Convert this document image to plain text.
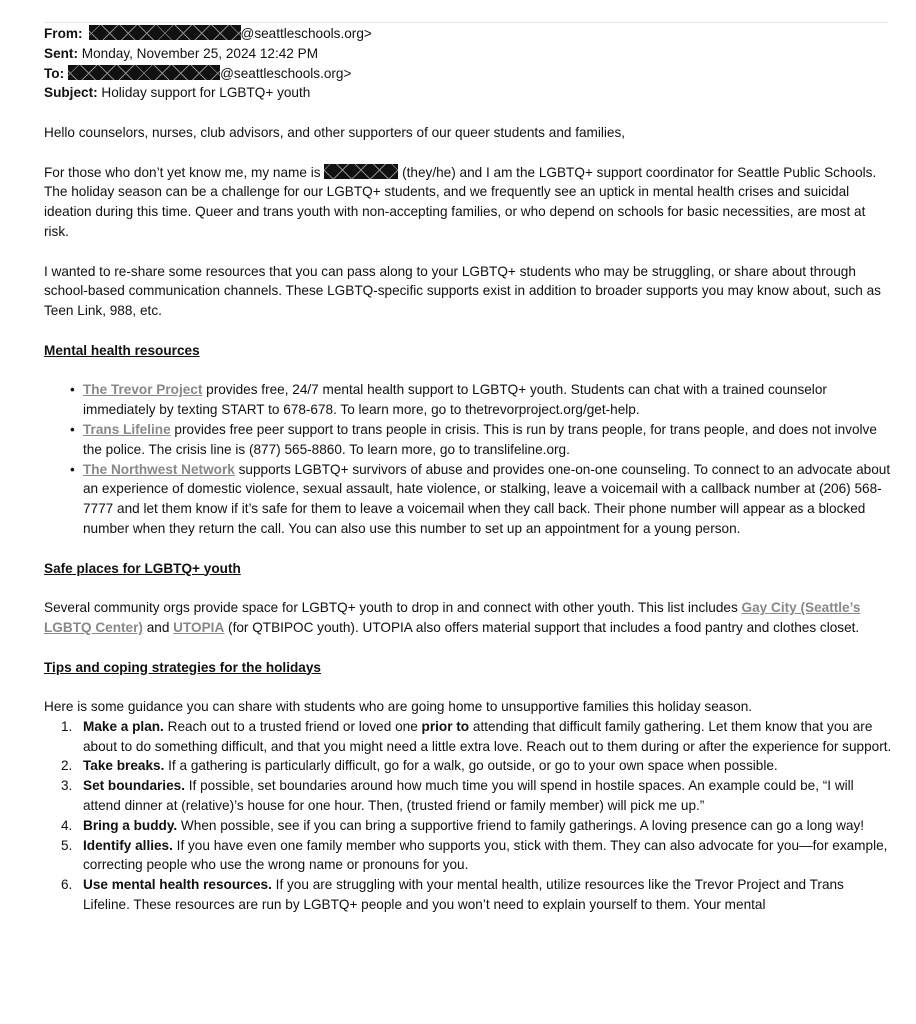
From:	@seattleschools.org>
Sent: Monday, November 25, 2024 12:42 PM
To:	@seattleschools.org>
Subject: Holiday support for LGBTQ+ youth

Hello counselors, nurses, club advisors, and other supporters of our queer students and families,

For those who don’t yet know me, my name is	(they/he) and I am the LGBTQ+ support coordinator for Seattle Public Schools. The holiday season can be a challenge for our LGBTQ+ students, and we frequently see an uptick in mental health crises and suicidal ideation during this time. Queer and trans youth with non-accepting families, or who depend on schools for basic necessities, are most at risk.

I wanted to re-share some resources that you can pass along to your LGBTQ+ students who may be struggling, or share about through school-based communication channels. These LGBTQ-specific supports exist in addition to broader supports you may know about, such as Teen Link, 988, etc.

Mental health resources

• The Trevor Project provides free, 24/7 mental health support to LGBTQ+ youth. Students can chat with a trained counselor immediately by texting START to 678-678. To learn more, go to thetrevorproject.org/get-help.
• Trans Lifeline provides free peer support to trans people in crisis. This is run by trans people, for trans people, and does not involve the police. The crisis line is (877) 565-8860. To learn more, go to translifeline.org.
• The Northwest Network supports LGBTQ+ survivors of abuse and provides one-on-one counseling. To connect to an advocate about an experience of domestic violence, sexual assault, hate violence, or stalking, leave a voicemail with a callback number at (206) 568-7777 and let them know if it’s safe for them to leave a voicemail when they call back. Their phone number will appear as a blocked number when they return the call. You can also use this number to set up an appointment for a young person.

Safe places for LGBTQ+ youth

Several community orgs provide space for LGBTQ+ youth to drop in and connect with other youth. This list includes Gay City (Seattle’s LGBTQ Center) and UTOPIA (for QTBIPOC youth). UTOPIA also offers material support that includes a food pantry and clothes closet.

Tips and coping strategies for the holidays

Here is some guidance you can share with students who are going home to unsupportive families this holiday season.

1. Make a plan. Reach out to a trusted friend or loved one prior to attending that difficult family gathering. Let them know that you are about to do something difficult, and that you might need a little extra love. Reach out to them during or after the experience for support.
2. Take breaks. If a gathering is particularly difficult, go for a walk, go outside, or go to your own space when possible.
3. Set boundaries. If possible, set boundaries around how much time you will spend in hostile spaces. An example could be, “I will attend dinner at (relative)’s house for one hour. Then, (trusted friend or family member) will pick me up.”
4. Bring a buddy. When possible, see if you can bring a supportive friend to family gatherings. A loving presence can go a long way!
5. Identify allies. If you have even one family member who supports you, stick with them. They can also advocate for you—for example, correcting people who use the wrong name or pronouns for you.
6. Use mental health resources. If you are struggling with your mental health, utilize resources like the Trevor Project and Trans Lifeline. These resources are run by LGBTQ+ people and you won’t need to explain yourself to them. Your mental
